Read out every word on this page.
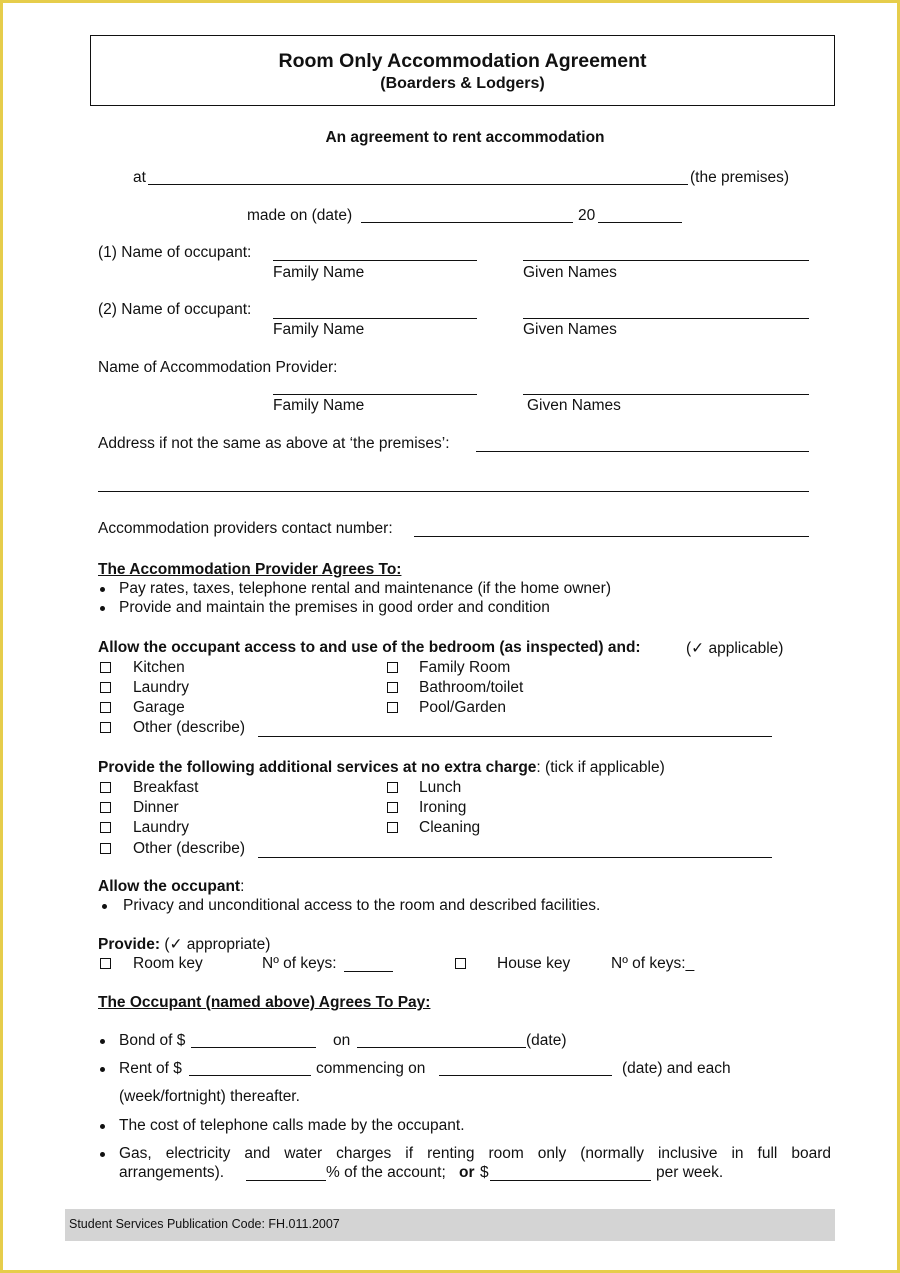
Room Only Accommodation Agreement
(Boarders & Lodgers)
An agreement to rent accommodation
at	(the premises)
made on (date)	20
(1) Name of occupant:
Family Name	Given Names
(2) Name of occupant:
Family Name	Given Names
Name of Accommodation Provider:
Family Name	Given Names
Address if not the same as above at ‘the premises’:
Accommodation providers contact number:
The Accommodation Provider Agrees To:
Pay rates, taxes, telephone rental and maintenance (if the home owner)
Provide and maintain the premises in good order and condition
Allow the occupant access to and use of the bedroom (as inspected) and:	(✓ applicable)
Kitchen	Family Room
Laundry	Bathroom/toilet
Garage	Pool/Garden
Other (describe)
Provide the following additional services at no extra charge: (tick if applicable)
Breakfast	Lunch
Dinner	Ironing
Laundry	Cleaning
Other (describe)
Allow the occupant:
Privacy and unconditional access to the room and described facilities.
Provide: (✓ appropriate)
Room key	Nº of keys:	House key	Nº of keys:_
The Occupant (named above) Agrees To Pay:
Bond of $	on	(date)
Rent of $	commencing on	(date) and each
(week/fortnight) thereafter.
The cost of telephone calls made by the occupant.
Gas, electricity and water charges if renting room only (normally inclusive in full board
arrangements).	% of the account; or $	per week.
Student Services Publication Code: FH.011.2007
